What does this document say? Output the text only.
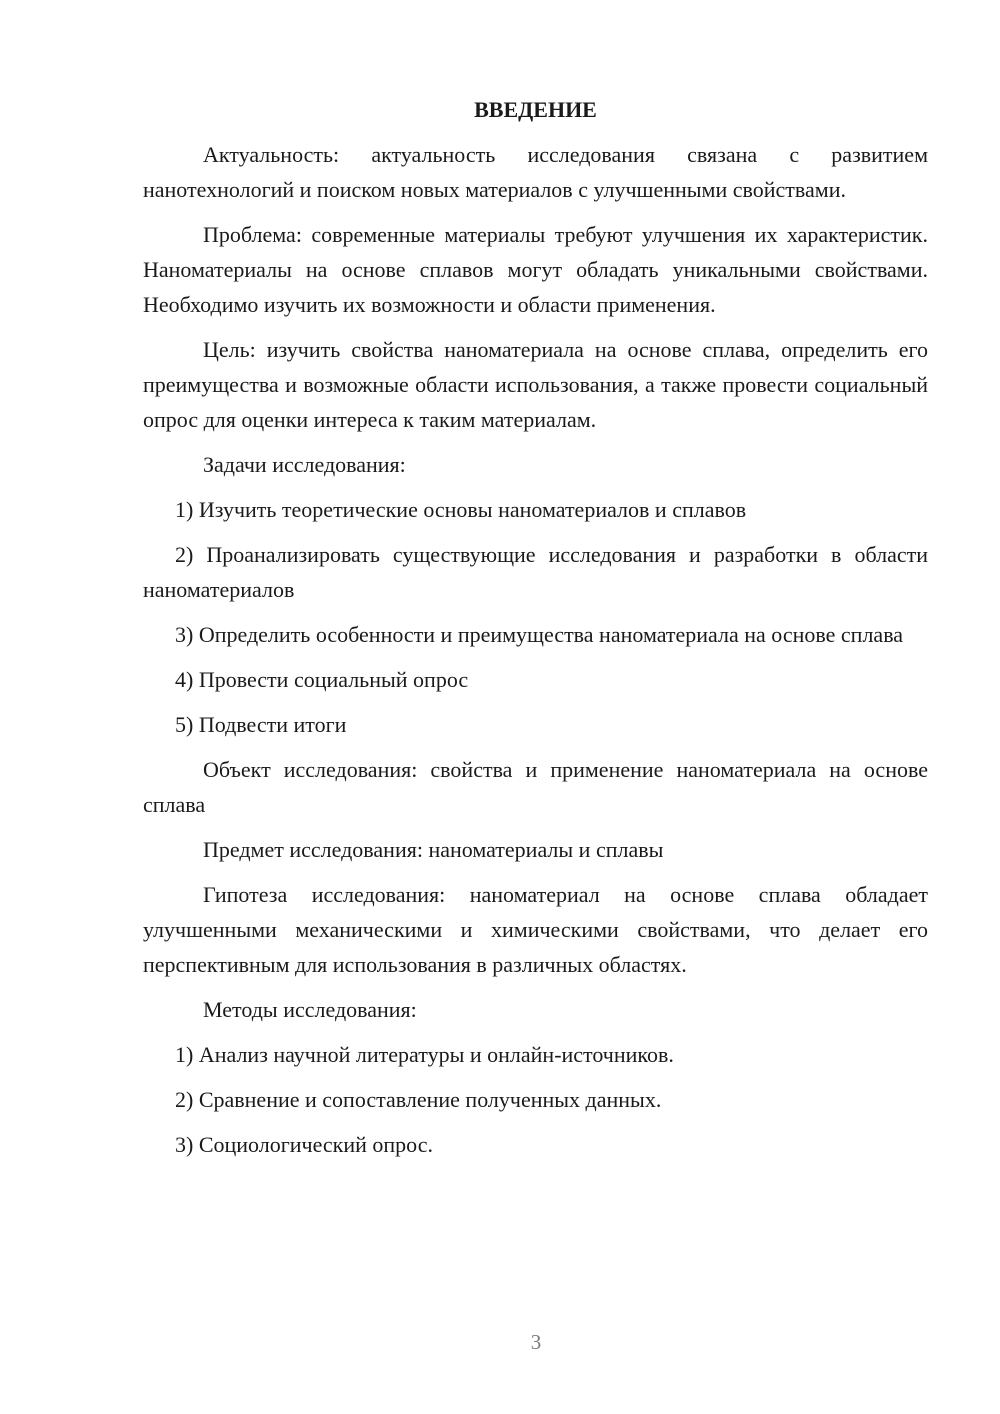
ВВЕДЕНИЕ

Актуальность: актуальность исследования связана с развитием нанотехнологий и поиском новых материалов с улучшенными свойствами.

Проблема: современные материалы требуют улучшения их характеристик. Наноматериалы на основе сплавов могут обладать уникальными свойствами. Необходимо изучить их возможности и области применения.

Цель: изучить свойства наноматериала на основе сплава, определить его преимущества и возможные области использования, а также провести социальный опрос для оценки интереса к таким материалам.

Задачи исследования:

1) Изучить теоретические основы наноматериалов и сплавов

2) Проанализировать существующие исследования и разработки в области наноматериалов

3) Определить особенности и преимущества наноматериала на основе сплава

4) Провести социальный опрос

5) Подвести итоги

Объект исследования: свойства и применение наноматериала на основе сплава

Предмет исследования: наноматериалы и сплавы

Гипотеза исследования: наноматериал на основе сплава обладает улучшенными механическими и химическими свойствами, что делает его перспективным для использования в различных областях.

Методы исследования:

1) Анализ научной литературы и онлайн-источников.

2) Сравнение и сопоставление полученных данных.

3) Социологический опрос.

3
